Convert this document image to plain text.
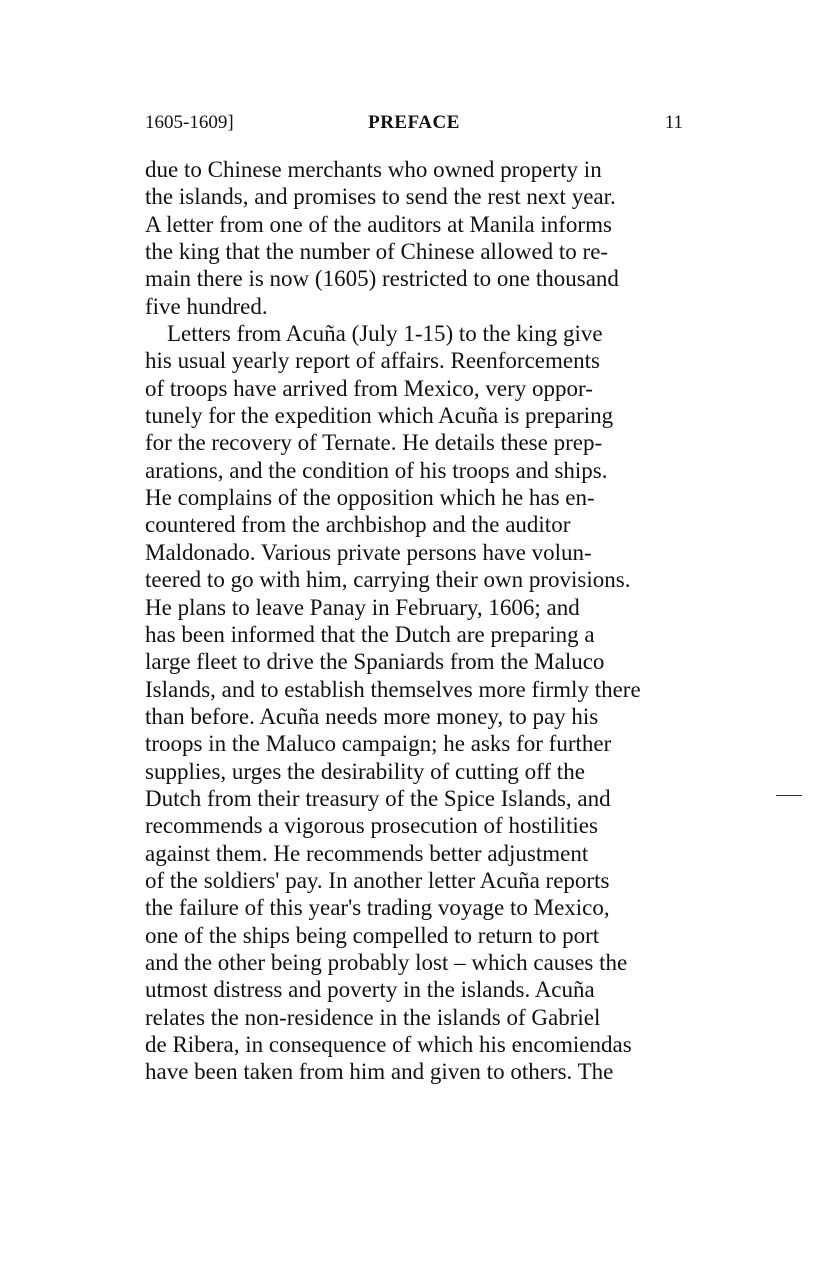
1605-1609]	PREFACE	11
due to Chinese merchants who owned property in
the islands, and promises to send the rest next year.
A letter from one of the auditors at Manila informs
the king that the number of Chinese allowed to re-
main there is now (1605) restricted to one thousand
five hundred.
Letters from Acuña (July 1-15) to the king give
his usual yearly report of affairs. Reenforcements
of troops have arrived from Mexico, very oppor-
tunely for the expedition which Acuña is preparing
for the recovery of Ternate. He details these prep-
arations, and the condition of his troops and ships.
He complains of the opposition which he has en-
countered from the archbishop and the auditor
Maldonado. Various private persons have volun-
teered to go with him, carrying their own provisions.
He plans to leave Panay in February, 1606; and
has been informed that the Dutch are preparing a
large fleet to drive the Spaniards from the Maluco
Islands, and to establish themselves more firmly there
than before. Acuña needs more money, to pay his
troops in the Maluco campaign; he asks for further
supplies, urges the desirability of cutting off the
Dutch from their treasury of the Spice Islands, and
recommends a vigorous prosecution of hostilities
against them. He recommends better adjustment
of the soldiers' pay. In another letter Acuña reports
the failure of this year's trading voyage to Mexico,
one of the ships being compelled to return to port
and the other being probably lost – which causes the
utmost distress and poverty in the islands. Acuña
relates the non-residence in the islands of Gabriel
de Ribera, in consequence of which his encomiendas
have been taken from him and given to others. The
